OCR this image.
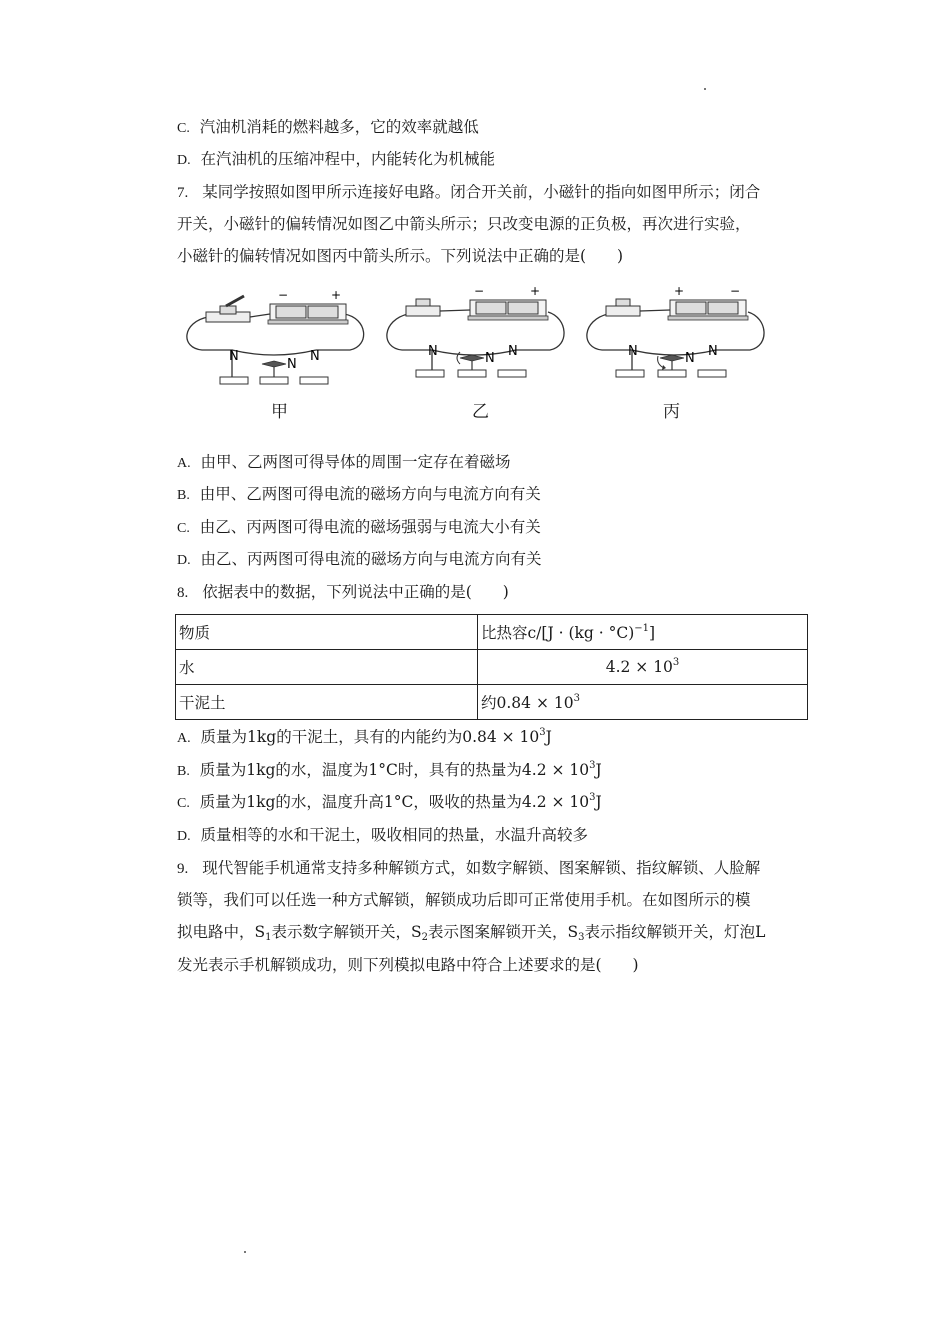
C. 汽油机消耗的燃料越多，它的效率就越低
D. 在汽油机的压缩冲程中，内能转化为机械能
7. 某同学按照如图甲所示连接好电路。闭合开关前，小磁针的指向如图甲所示；闭合
开关，小磁针的偏转情况如图乙中箭头所示；只改变电源的正负极，再次进行实验，
小磁针的偏转情况如图丙中箭头所示。下列说法中正确的是(　　)
−	+
N	N
N
甲
−	+
N	N
N
乙
+	−
N	N
N
丙
A. 由甲、乙两图可得导体的周围一定存在着磁场
B. 由甲、乙两图可得电流的磁场方向与电流方向有关
C. 由乙、丙两图可得电流的磁场强弱与电流大小有关
D. 由乙、丙两图可得电流的磁场方向与电流方向有关
8. 依据表中的数据，下列说法中正确的是(　　)
物质	比热容c/[J · (kg · °C)$^{-1}$]
水	$4.2 \times 10^3$
干泥土	约$0.84 \times 10^3$
A. 质量为1kg的干泥土，具有的内能约为$0.84 \times 10^3J$
B. 质量为1kg的水，温度为1°C时，具有的热量为$4.2 \times 10^3J$
C. 质量为1kg的水，温度升高1°C，吸收的热量为$4.2 \times 10^3J$
D. 质量相等的水和干泥土，吸收相同的热量，水温升高较多
9. 现代智能手机通常支持多种解锁方式，如数字解锁、图案解锁、指纹解锁、人脸解
锁等，我们可以任选一种方式解锁，解锁成功后即可正常使用手机。在如图所示的模
拟电路中，$S_1$表示数字解锁开关，$S_2$表示图案解锁开关，$S_3$表示指纹解锁开关，灯泡L
发光表示手机解锁成功，则下列模拟电路中符合上述要求的是(　　)
